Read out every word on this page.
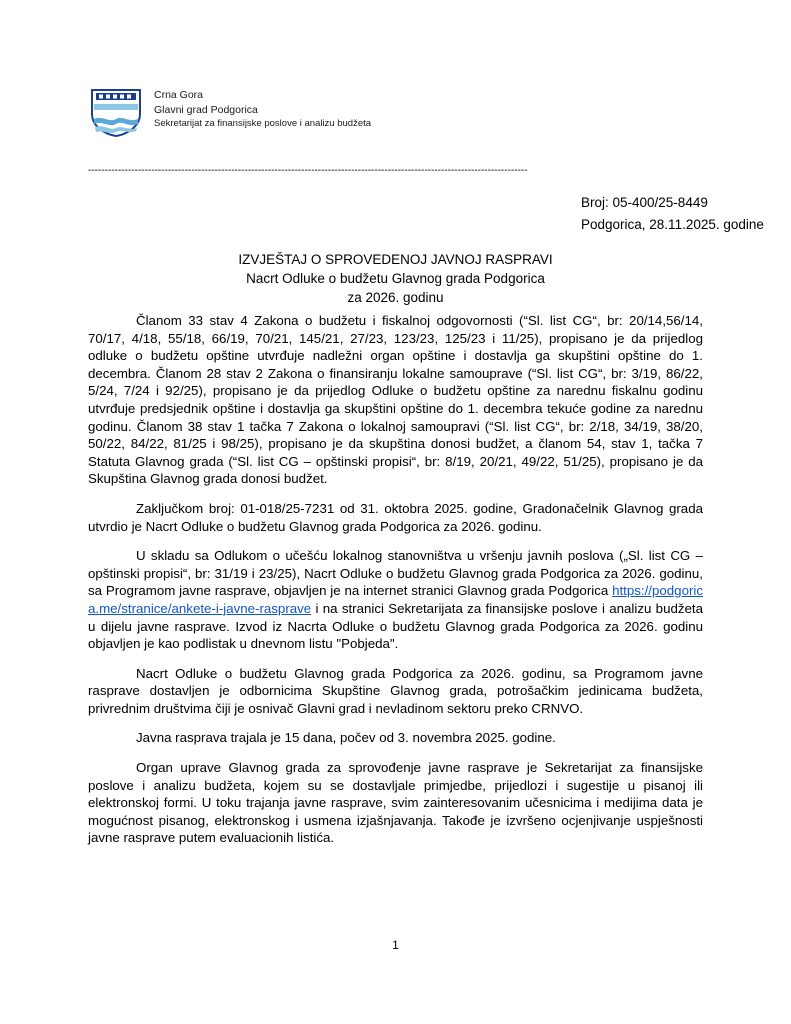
Crna Gora
Glavni grad Podgorica
Sekretarijat za finansijske poslove i analizu budžeta
------------------------------------------------------------------------------------------------------------------------------------
Broj: 05-400/25-8449
Podgorica, 28.11.2025. godine
IZVJEŠTAJ O SPROVEDENOJ JAVNOJ RASPRAVI
Nacrt Odluke o budžetu Glavnog grada Podgorica
za 2026. godinu

Članom 33 stav 4 Zakona o budžetu i fiskalnoj odgovornosti (“Sl. list CG“, br: 20/14,56/14, 70/17, 4/18, 55/18, 66/19, 70/21, 145/21, 27/23, 123/23, 125/23 i 11/25), propisano je da prijedlog odluke o budžetu opštine utvrđuje nadležni organ opštine i dostavlja ga skupštini opštine do 1. decembra. Članom 28 stav 2 Zakona o finansiranju lokalne samouprave (“Sl. list CG“, br: 3/19, 86/22, 5/24, 7/24 i 92/25), propisano je da prijedlog Odluke o budžetu opštine za narednu fiskalnu godinu utvrđuje predsjednik opštine i dostavlja ga skupštini opštine do 1. decembra tekuće godine za narednu godinu. Članom 38 stav 1 tačka 7 Zakona o lokalnoj samoupravi (“Sl. list CG“, br: 2/18, 34/19, 38/20, 50/22, 84/22, 81/25 i 98/25), propisano je da skupština donosi budžet, a članom 54, stav 1, tačka 7 Statuta Glavnog grada (“Sl. list CG – opštinski propisi“, br: 8/19, 20/21, 49/22, 51/25), propisano je da Skupština Glavnog grada donosi budžet.

Zaključkom broj: 01-018/25-7231 od 31. oktobra 2025. godine, Gradonačelnik Glavnog grada utvrdio je Nacrt Odluke o budžetu Glavnog grada Podgorica za 2026. godinu.

U skladu sa Odlukom o učešću lokalnog stanovništva u vršenju javnih poslova („Sl. list CG – opštinski propisi“, br: 31/19 i 23/25), Nacrt Odluke o budžetu Glavnog grada Podgorica za 2026. godinu, sa Programom javne rasprave, objavljen je na internet stranici Glavnog grada Podgorica https://podgorica.me/stranice/ankete-i-javne-rasprave i na stranici Sekretarijata za finansijske poslove i analizu budžeta u dijelu javne rasprave. Izvod iz Nacrta Odluke o budžetu Glavnog grada Podgorica za 2026. godinu objavljen je kao podlistak u dnevnom listu "Pobjeda".

Nacrt Odluke o budžetu Glavnog grada Podgorica za 2026. godinu, sa Programom javne rasprave dostavljen je odbornicima Skupštine Glavnog grada, potrošačkim jedinicama budžeta, privrednim društvima čiji je osnivač Glavni grad i nevladinom sektoru preko CRNVO.

Javna rasprava trajala je 15 dana, počev od 3. novembra 2025. godine.

Organ uprave Glavnog grada za sprovođenje javne rasprave je Sekretarijat za finansijske poslove i analizu budžeta, kojem su se dostavljale primjedbe, prijedlozi i sugestije u pisanoj ili elektronskoj formi. U toku trajanja javne rasprave, svim zainteresovanim učesnicima i medijima data je mogućnost pisanog, elektronskog i usmena izjašnjavanja. Takođe je izvršeno ocjenjivanje uspješnosti javne rasprave putem evaluacionih listića.

1
